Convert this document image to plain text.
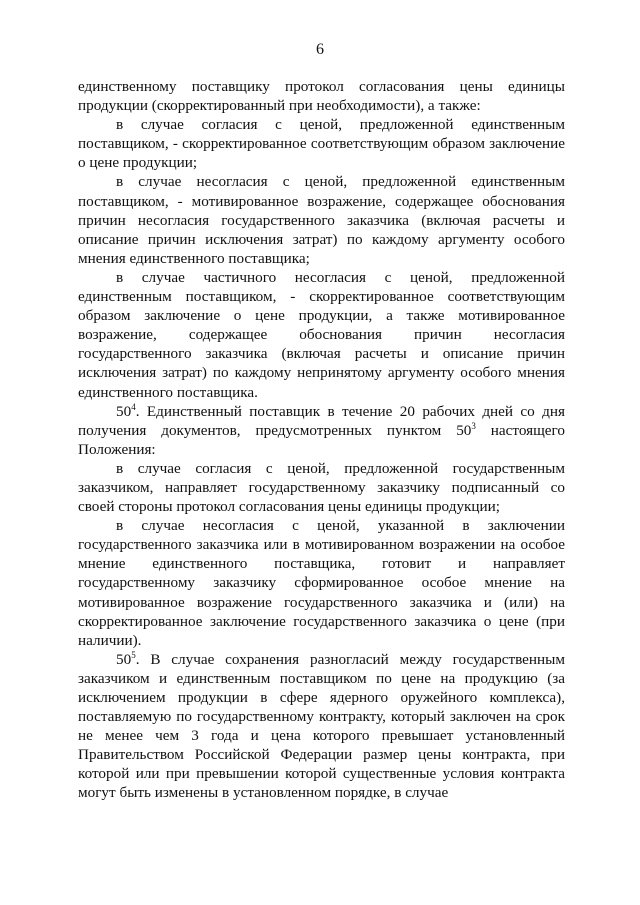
6

единственному поставщику протокол согласования цены единицы продукции (скорректированный при необходимости), а также:

в случае согласия с ценой, предложенной единственным поставщиком, - скорректированное соответствующим образом заключение о цене продукции;

в случае несогласия с ценой, предложенной единственным поставщиком, - мотивированное возражение, содержащее обоснования причин несогласия государственного заказчика (включая расчеты и описание причин исключения затрат) по каждому аргументу особого мнения единственного поставщика;

в случае частичного несогласия с ценой, предложенной единственным поставщиком, - скорректированное соответствующим образом заключение о цене продукции, а также мотивированное возражение, содержащее обоснования причин несогласия государственного заказчика (включая расчеты и описание причин исключения затрат) по каждому непринятому аргументу особого мнения единственного поставщика.

$50^4$. Единственный поставщик в течение 20 рабочих дней со дня получения документов, предусмотренных пунктом $50^3$ настоящего Положения:

в случае согласия с ценой, предложенной государственным заказчиком, направляет государственному заказчику подписанный со своей стороны протокол согласования цены единицы продукции;

в случае несогласия с ценой, указанной в заключении государственного заказчика или в мотивированном возражении на особое мнение единственного поставщика, готовит и направляет государственному заказчику сформированное особое мнение на мотивированное возражение государственного заказчика и (или) на скорректированное заключение государственного заказчика о цене (при наличии).

$50^5$. В случае сохранения разногласий между государственным заказчиком и единственным поставщиком по цене на продукцию (за исключением продукции в сфере ядерного оружейного комплекса), поставляемую по государственному контракту, который заключен на срок не менее чем 3 года и цена которого превышает установленный Правительством Российской Федерации размер цены контракта, при которой или при превышении которой существенные условия контракта могут быть изменены в установленном порядке, в случае
